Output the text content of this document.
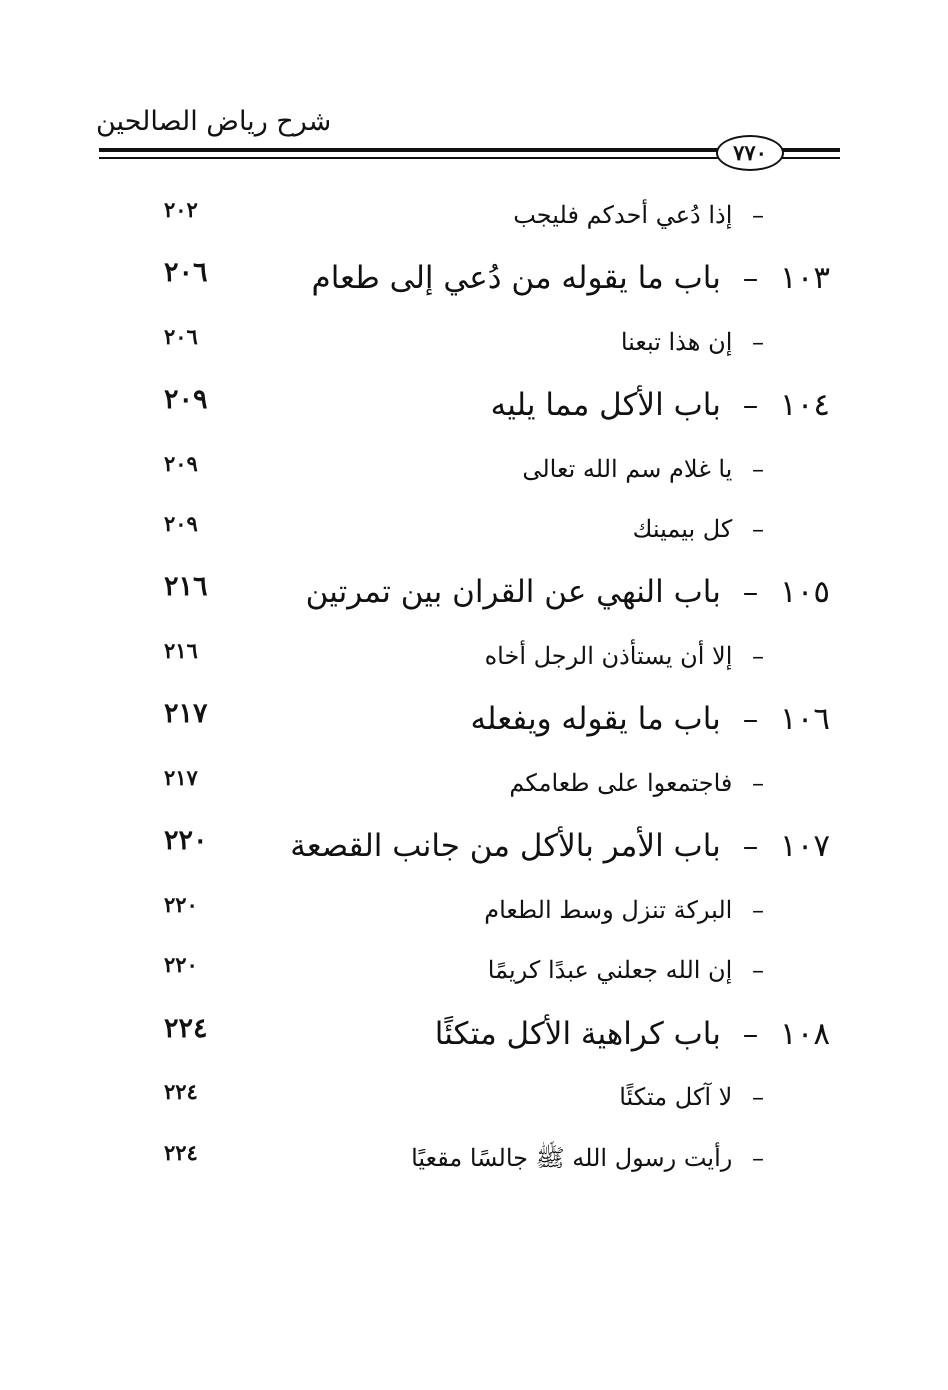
شرح رياض الصالحين
٧٧٠
– إذا دُعي أحدكم فليجب
٢٠٢
١٠٣ – باب ما يقوله من دُعي إلى طعام
٢٠٦
– إن هذا تبعنا
٢٠٦
١٠٤ – باب الأكل مما يليه
٢٠٩
– يا غلام سم الله تعالى
٢٠٩
– كل بيمينك
٢٠٩
١٠٥ – باب النهي عن القران بين تمرتين
٢١٦
– إلا أن يستأذن الرجل أخاه
٢١٦
١٠٦ – باب ما يقوله ويفعله
٢١٧
– فاجتمعوا على طعامكم
٢١٧
١٠٧ – باب الأمر بالأكل من جانب القصعة
٢٢٠
– البركة تنزل وسط الطعام
٢٢٠
– إن الله جعلني عبدًا كريمًا
٢٢٠
١٠٨ – باب كراهية الأكل متكئًا
٢٢٤
– لا آكل متكئًا
٢٢٤
– رأيت رسول الله ﷺ جالسًا مقعيًا
٢٢٤
